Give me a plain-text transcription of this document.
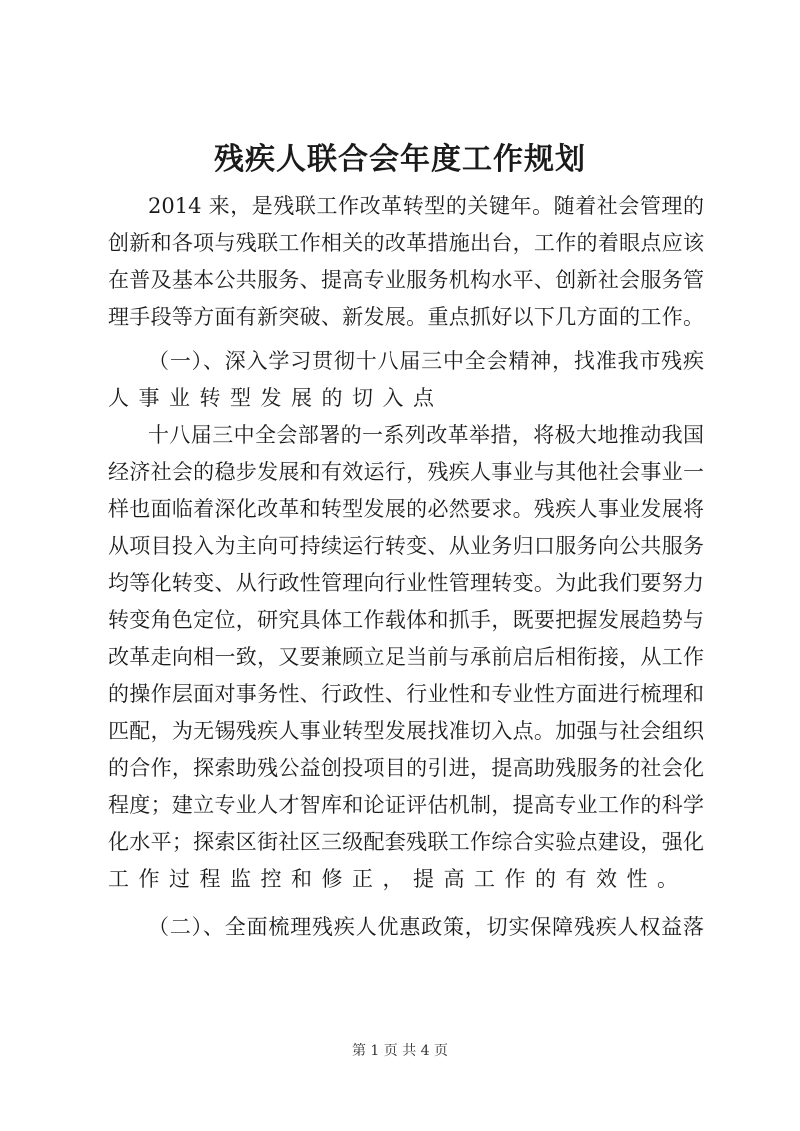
残疾人联合会年度工作规划
2014 来，是残联工作改革转型的关键年。随着社会管理的
创新和各项与残联工作相关的改革措施出台，工作的着眼点应该
在普及基本公共服务、提高专业服务机构水平、创新社会服务管
理手段等方面有新突破、新发展。重点抓好以下几方面的工作。
（一）、深入学习贯彻十八届三中全会精神，找准我市残疾
人事业转型发展的切入点
十八届三中全会部署的一系列改革举措，将极大地推动我国
经济社会的稳步发展和有效运行，残疾人事业与其他社会事业一
样也面临着深化改革和转型发展的必然要求。残疾人事业发展将
从项目投入为主向可持续运行转变、从业务归口服务向公共服务
均等化转变、从行政性管理向行业性管理转变。为此我们要努力
转变角色定位，研究具体工作载体和抓手，既要把握发展趋势与
改革走向相一致，又要兼顾立足当前与承前启后相衔接，从工作
的操作层面对事务性、行政性、行业性和专业性方面进行梳理和
匹配，为无锡残疾人事业转型发展找准切入点。加强与社会组织
的合作，探索助残公益创投项目的引进，提高助残服务的社会化
程度；建立专业人才智库和论证评估机制，提高专业工作的科学
化水平；探索区街社区三级配套残联工作综合实验点建设，强化
工作过程监控和修正，提高工作的有效性。
（二）、全面梳理残疾人优惠政策，切实保障残疾人权益落
第 1 页 共 4 页
